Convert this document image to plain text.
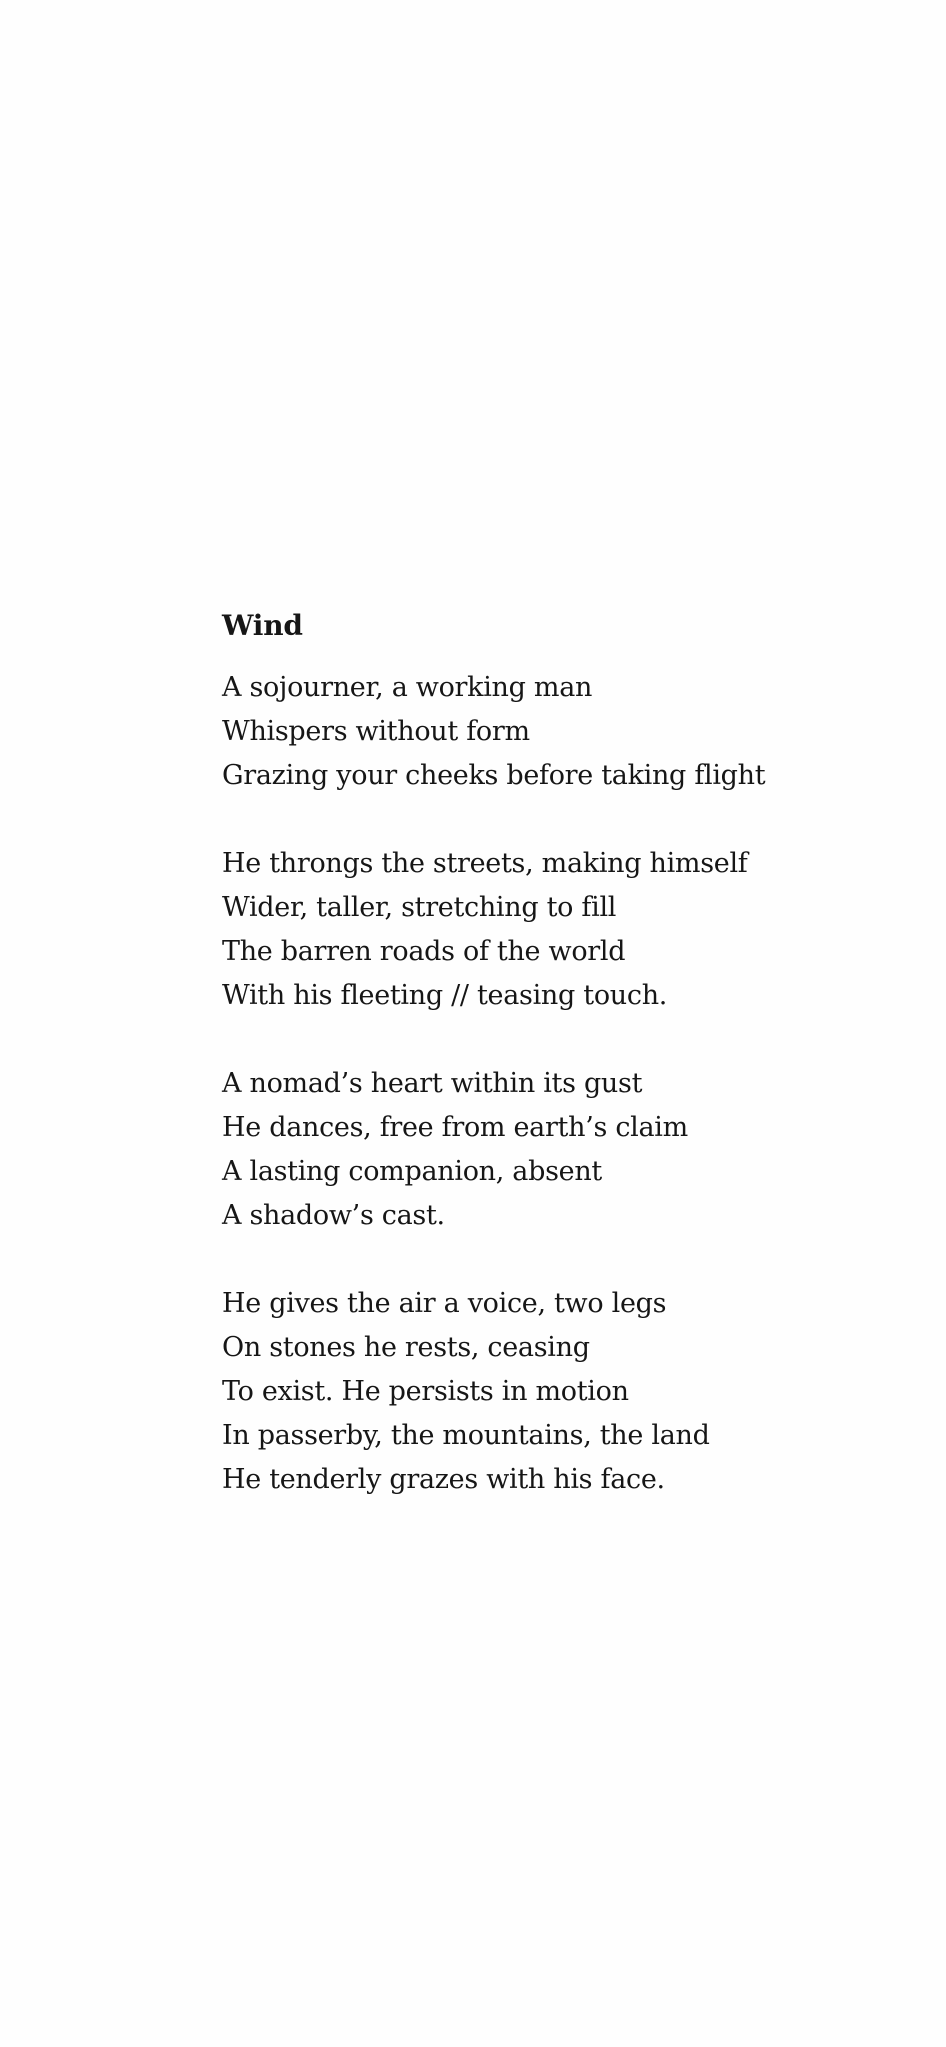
Wind

A sojourner, a working man
Whispers without form
Grazing your cheeks before taking flight

He throngs the streets, making himself
Wider, taller, stretching to fill
The barren roads of the world
With his fleeting // teasing touch.

A nomad’s heart within its gust
He dances, free from earth’s claim
A lasting companion, absent
A shadow’s cast.

He gives the air a voice, two legs
On stones he rests, ceasing
To exist. He persists in motion
In passerby, the mountains, the land
He tenderly grazes with his face.
